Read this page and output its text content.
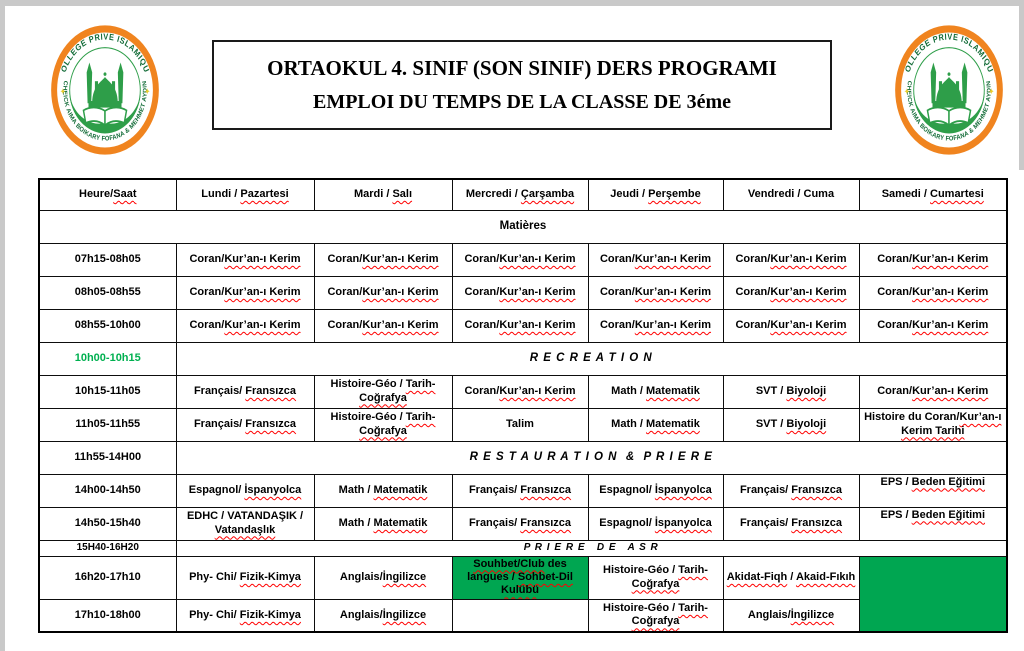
ORTAOKUL 4. SINIF (SON SINIF) DERS PROGRAMI
EMPLOI DU TEMPS DE LA CLASSE DE 3éme
Heure/Saat	Lundi / Pazartesi	Mardi / Salı	Mercredi / Çarşamba	Jeudi / Perşembe	Vendredi / Cuma	Samedi / Cumartesi
Matières						
07h15-08h05	Coran/Kur’an-ı Kerim	Coran/Kur’an-ı Kerim	Coran/Kur’an-ı Kerim	Coran/Kur’an-ı Kerim	Coran/Kur’an-ı Kerim	Coran/Kur’an-ı Kerim
08h05-08h55	Coran/Kur’an-ı Kerim	Coran/Kur’an-ı Kerim	Coran/Kur’an-ı Kerim	Coran/Kur’an-ı Kerim	Coran/Kur’an-ı Kerim	Coran/Kur’an-ı Kerim
08h55-10h00	Coran/Kur’an-ı Kerim	Coran/Kur’an-ı Kerim	Coran/Kur’an-ı Kerim	Coran/Kur’an-ı Kerim	Coran/Kur’an-ı Kerim	Coran/Kur’an-ı Kerim
10h00-10h15	R E C R E A T I O N					
10h15-11h05	Français/ Fransızca	Histoire-Géo / Tarih-Coğrafya	Coran/Kur’an-ı Kerim	Math / Matematik	SVT / Biyoloji	Coran/Kur’an-ı Kerim
11h05-11h55	Français/ Fransızca	Histoire-Géo / Tarih-Coğrafya	Talim	Math / Matematik	SVT / Biyoloji	Histoire du Coran/Kur’an-ı Kerim Tarihi
11h55-14H00	R E S T A U R A T I O N  &  P R I E R E					
14h00-14h50	Espagnol/ İspanyolca	Math / Matematik	Français/ Fransızca	Espagnol/ İspanyolca	Français/ Fransızca	EPS / Beden Eğitimi
14h50-15h40	EDHC / VATANDAŞIK / Vatandaşlık	Math / Matematik	Français/ Fransızca	Espagnol/ İspanyolca	Français/ Fransızca	EPS / Beden Eğitimi
15H40-16H20	P R I E R E   D E   A S R					
16h20-17h10	Phy- Chi/ Fizik-Kimya	Anglais/İngilizce	Souhbet/Club des langues / Sohbet-Dil Kulübü	Histoire-Géo / Tarih-Coğrafya	Akidat-Fiqh / Akaid-Fıkıh	
17h10-18h00	Phy- Chi/ Fizik-Kimya	Anglais/İngilizce		Histoire-Géo / Tarih-Coğrafya	Anglais/İngilizce	
